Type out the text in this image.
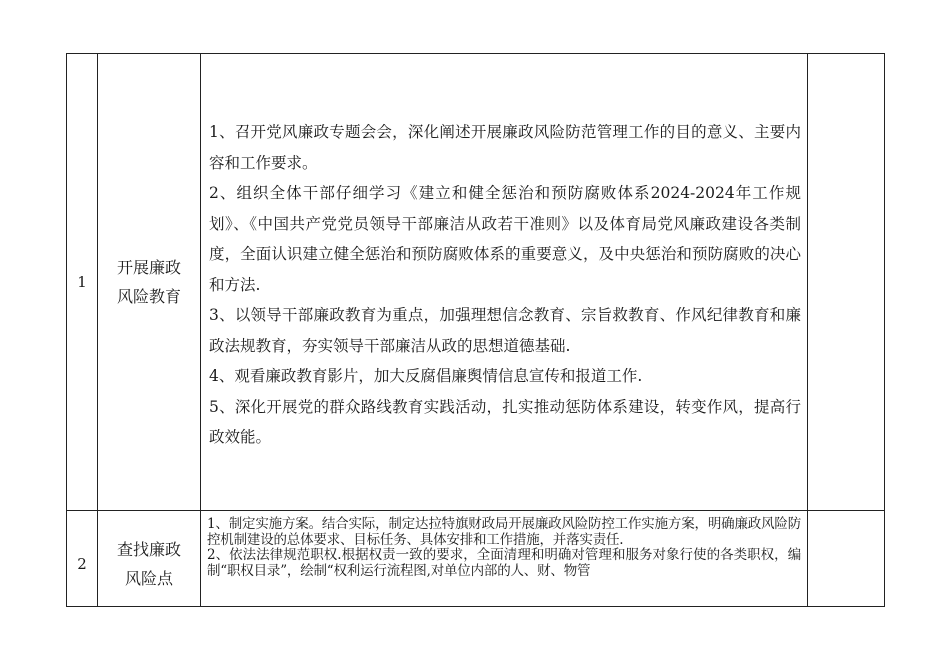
1	开展廉政风险教育	1、召开党风廉政专题会会，深化阐述开展廉政风险防范管理工作的目的意义、主要内容和工作要求。

2、组织全体干部仔细学习《建立和健全惩治和预防腐败体系2024-2024年工作规划》、《中国共产党党员领导干部廉洁从政若干准则》以及体育局党风廉政建设各类制度，全面认识建立健全惩治和预防腐败体系的重要意义，及中央惩治和预防腐败的决心和方法.

3、以领导干部廉政教育为重点，加强理想信念教育、宗旨救教育、作风纪律教育和廉政法规教育，夯实领导干部廉洁从政的思想道德基础.

4、观看廉政教育影片，加大反腐倡廉舆情信息宣传和报道工作.

5、深化开展党的群众路线教育实践活动，扎实推动惩防体系建设，转变作风，提高行政效能。	

2	查找廉政风险点	1、制定实施方案。结合实际，制定达拉特旗财政局开展廉政风险防控工作实施方案，明确廉政风险防控机制建设的总体要求、目标任务、具体安排和工作措施，并落实责任.

2、依法法律规范职权.根据权责一致的要求，全面清理和明确对管理和服务对象行使的各类职权，编制“职权目录”，绘制“权利运行流程图,对单位内部的人、财、物管	
